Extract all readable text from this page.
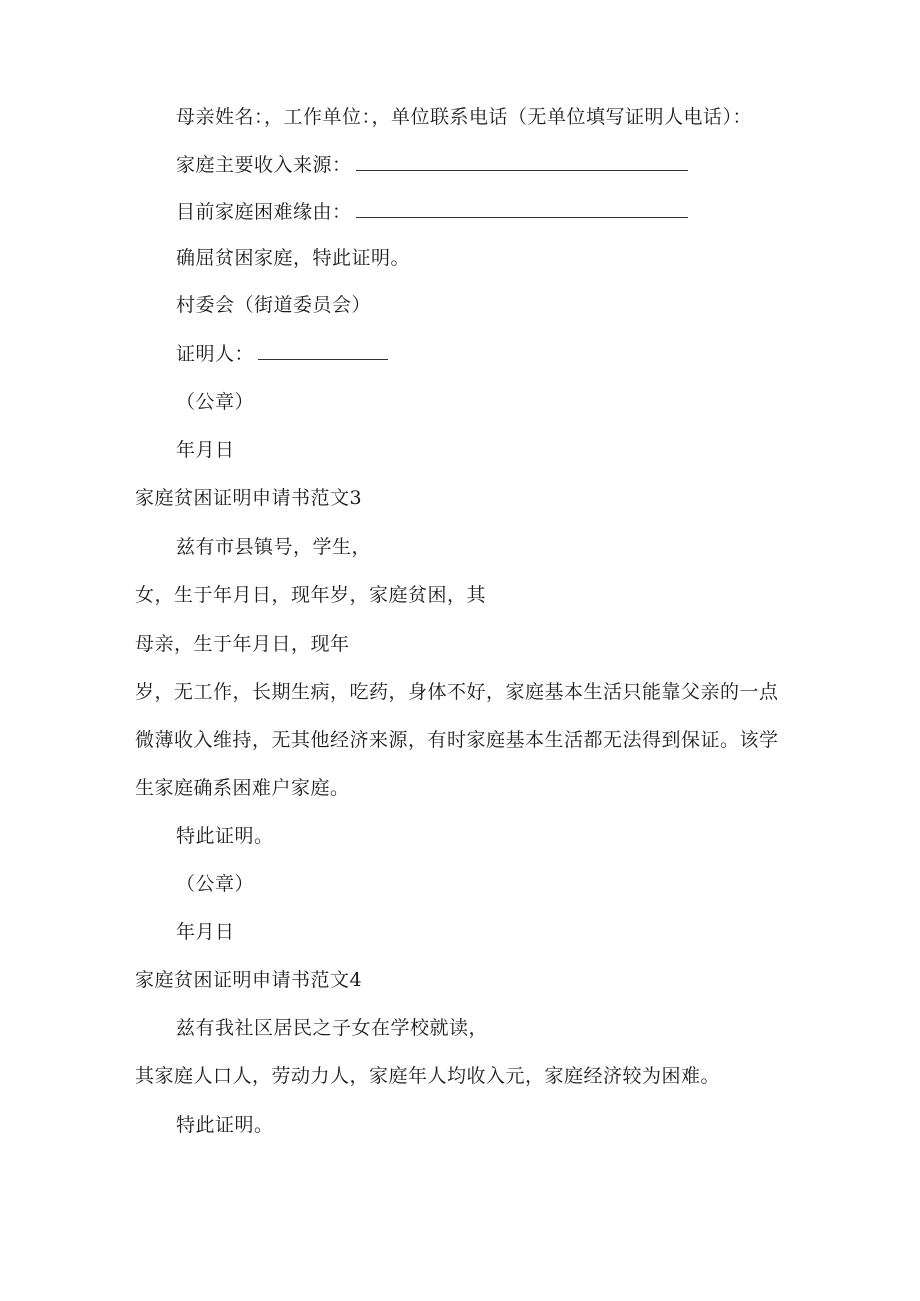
母亲姓名：，工作单位：，单位联系电话（无单位填写证明人电话）：
家庭主要收入来源：
目前家庭困难缘由：
确屈贫困家庭，特此证明。
村委会（街道委员会）
证明人：
（公章）
年月日
家庭贫困证明申请书范文3
兹有市县镇号，学生，
女，生于年月日，现年岁，家庭贫困，其
母亲，生于年月日，现年
岁，无工作，长期生病，吃药，身体不好，家庭基本生活只能靠父亲的一点
微薄收入维持，无其他经济来源，有时家庭基本生活都无法得到保证。该学
生家庭确系困难户家庭。
特此证明。
（公章）
年月日
家庭贫困证明申请书范文4
兹有我社区居民之子女在学校就读，
其家庭人口人，劳动力人，家庭年人均收入元，家庭经济较为困难。
特此证明。
